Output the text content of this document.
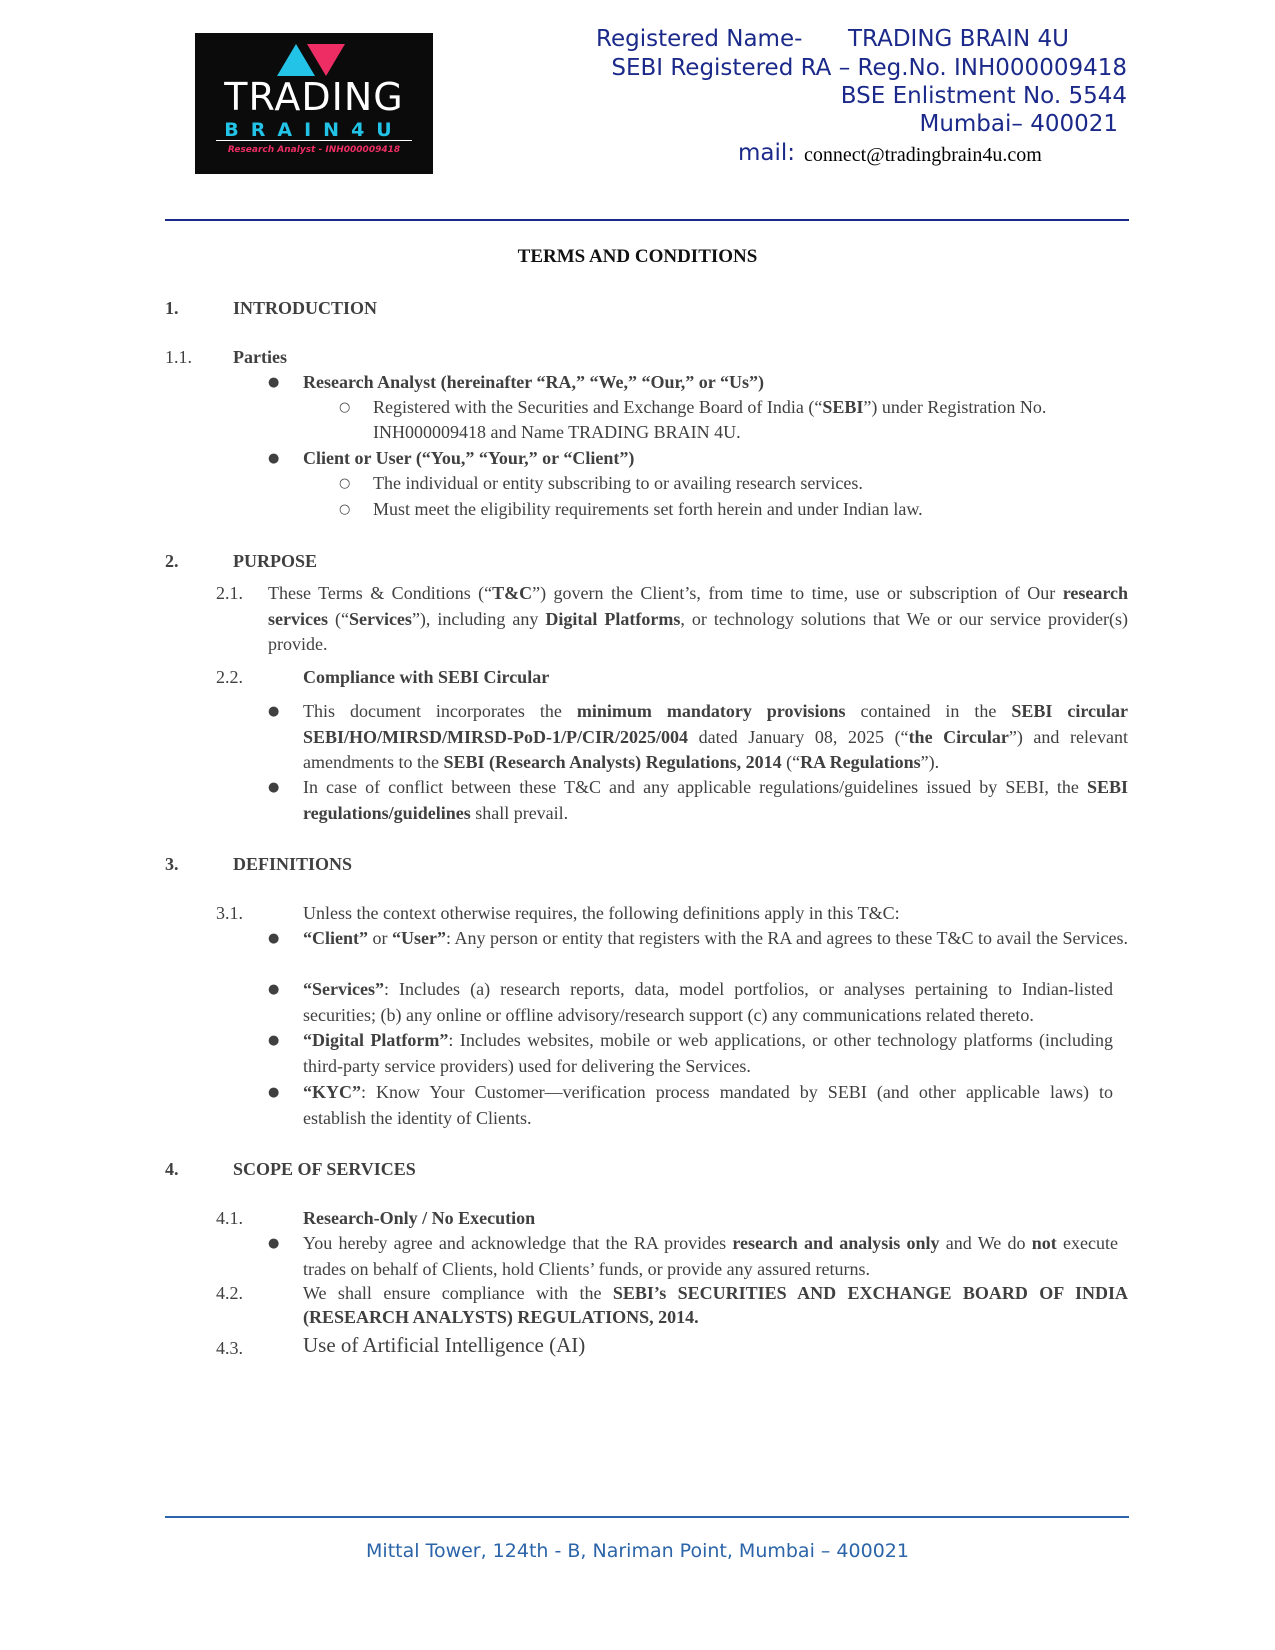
TRADING
BRAIN4U
Research Analyst - INH000009418
Registered Name- TRADING BRAIN 4U
SEBI Registered RA – Reg.No. INH000009418
BSE Enlistment No. 5544
Mumbai– 400021
mail: connect@tradingbrain4u.com
TERMS AND CONDITIONS
1.	INTRODUCTION
1.1. Parties
● Research Analyst (hereinafter “RA,” “We,” “Our,” or “Us”)
○ Registered with the Securities and Exchange Board of India (“SEBI”) under Registration No.
INH000009418 and Name TRADING BRAIN 4U.
● Client or User (“You,” “Your,” or “Client”)
○ The individual or entity subscribing to or availing research services.
○ Must meet the eligibility requirements set forth herein and under Indian law.
2.	PURPOSE
2.1. These Terms & Conditions (“T&C”) govern the Client’s, from time to time, use or subscription of Our research services (“Services”), including any Digital Platforms, or technology solutions that We or our service provider(s) provide.
2.2.	Compliance with SEBI Circular
● This document incorporates the minimum mandatory provisions contained in the SEBI circular SEBI/HO/MIRSD/MIRSD-PoD-1/P/CIR/2025/004 dated January 08, 2025 (“the Circular”) and relevant amendments to the SEBI (Research Analysts) Regulations, 2014 (“RA Regulations”).
● In case of conflict between these T&C and any applicable regulations/guidelines issued by SEBI, the SEBI regulations/guidelines shall prevail.
3.	DEFINITIONS
3.1.	Unless the context otherwise requires, the following definitions apply in this T&C:
● “Client” or “User”: Any person or entity that registers with the RA and agrees to these T&C to avail the Services.
● “Services”: Includes (a) research reports, data, model portfolios, or analyses pertaining to Indian-listed securities; (b) any online or offline advisory/research support (c) any communications related thereto.
● “Digital Platform”: Includes websites, mobile or web applications, or other technology platforms (including third-party service providers) used for delivering the Services.
● “KYC”: Know Your Customer—verification process mandated by SEBI (and other applicable laws) to establish the identity of Clients.
4.	SCOPE OF SERVICES
4.1.	Research-Only / No Execution
● You hereby agree and acknowledge that the RA provides research and analysis only and We do not execute trades on behalf of Clients, hold Clients’ funds, or provide any assured returns.
4.2.	We shall ensure compliance with the SEBI’s SECURITIES AND EXCHANGE BOARD OF INDIA (RESEARCH ANALYSTS) REGULATIONS, 2014.
4.3.	Use of Artificial Intelligence (AI)
Mittal Tower, 124th - B, Nariman Point, Mumbai – 400021
